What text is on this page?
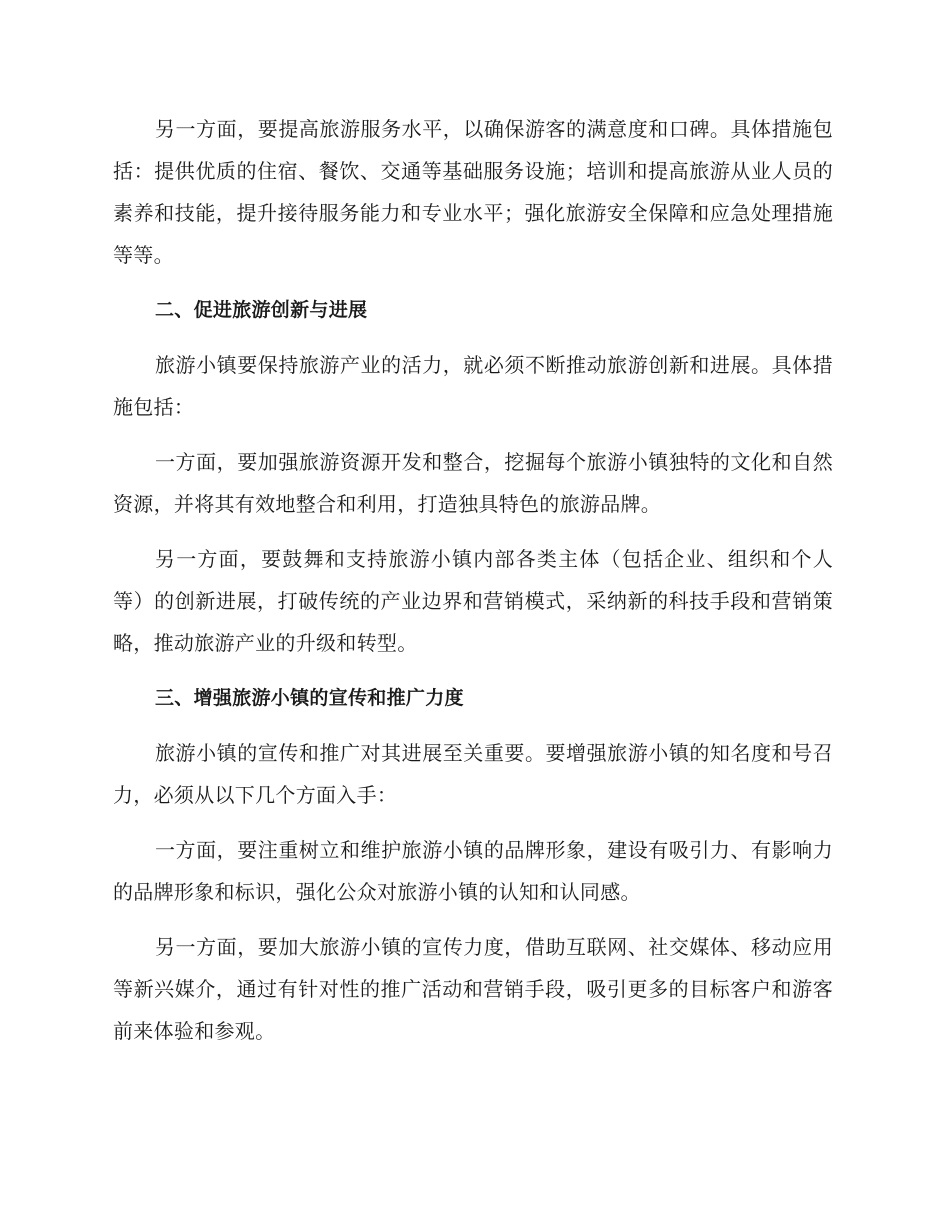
另一方面，要提高旅游服务水平，以确保游客的满意度和口碑。具体措施包括：提供优质的住宿、餐饮、交通等基础服务设施；培训和提高旅游从业人员的素养和技能，提升接待服务能力和专业水平；强化旅游安全保障和应急处理措施等等。

二、促进旅游创新与进展

旅游小镇要保持旅游产业的活力，就必须不断推动旅游创新和进展。具体措施包括：

一方面，要加强旅游资源开发和整合，挖掘每个旅游小镇独特的文化和自然资源，并将其有效地整合和利用，打造独具特色的旅游品牌。

另一方面，要鼓舞和支持旅游小镇内部各类主体（包括企业、组织和个人等）的创新进展，打破传统的产业边界和营销模式，采纳新的科技手段和营销策略，推动旅游产业的升级和转型。

三、增强旅游小镇的宣传和推广力度

旅游小镇的宣传和推广对其进展至关重要。要增强旅游小镇的知名度和号召力，必须从以下几个方面入手：

一方面，要注重树立和维护旅游小镇的品牌形象，建设有吸引力、有影响力的品牌形象和标识，强化公众对旅游小镇的认知和认同感。

另一方面，要加大旅游小镇的宣传力度，借助互联网、社交媒体、移动应用等新兴媒介，通过有针对性的推广活动和营销手段，吸引更多的目标客户和游客前来体验和参观。
